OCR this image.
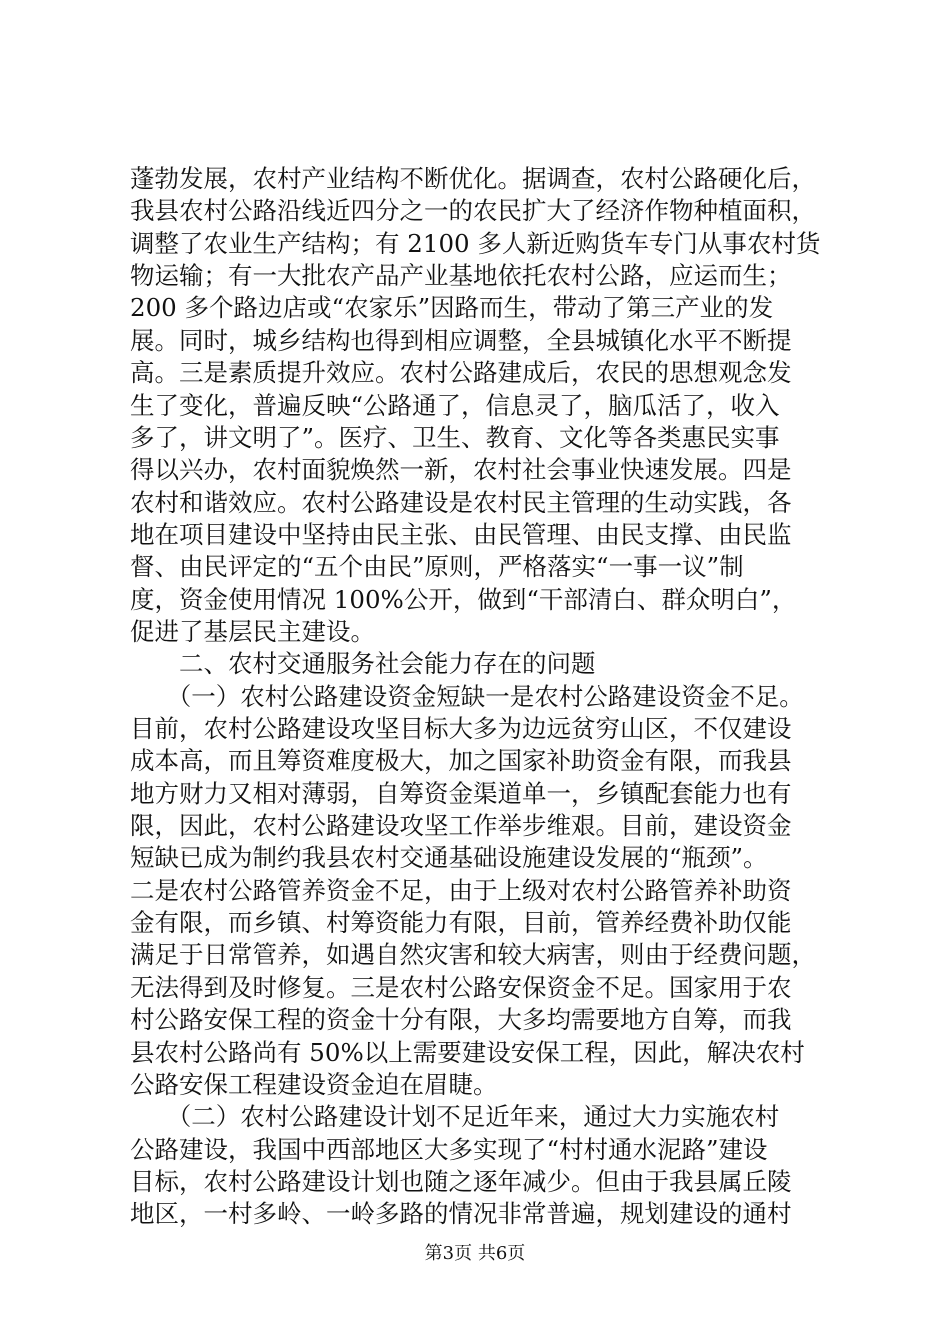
蓬勃发展，农村产业结构不断优化。据调查，农村公路硬化后，
我县农村公路沿线近四分之一的农民扩大了经济作物种植面积，
调整了农业生产结构；有 2100 多人新近购货车专门从事农村货
物运输；有一大批农产品产业基地依托农村公路，应运而生；
200 多个路边店或“农家乐”因路而生，带动了第三产业的发
展。同时，城乡结构也得到相应调整，全县城镇化水平不断提
高。三是素质提升效应。农村公路建成后，农民的思想观念发
生了变化，普遍反映“公路通了，信息灵了，脑瓜活了，收入
多了，讲文明了”。医疗、卫生、教育、文化等各类惠民实事
得以兴办，农村面貌焕然一新，农村社会事业快速发展。四是
农村和谐效应。农村公路建设是农村民主管理的生动实践，各
地在项目建设中坚持由民主张、由民管理、由民支撑、由民监
督、由民评定的“五个由民”原则，严格落实“一事一议”制
度，资金使用情况 100%公开，做到“干部清白、群众明白”，
促进了基层民主建设。
　　二、农村交通服务社会能力存在的问题
　　（一）农村公路建设资金短缺一是农村公路建设资金不足。
目前，农村公路建设攻坚目标大多为边远贫穷山区，不仅建设
成本高，而且筹资难度极大，加之国家补助资金有限，而我县
地方财力又相对薄弱，自筹资金渠道单一，乡镇配套能力也有
限，因此，农村公路建设攻坚工作举步维艰。目前，建设资金
短缺已成为制约我县农村交通基础设施建设发展的“瓶颈”。
二是农村公路管养资金不足，由于上级对农村公路管养补助资
金有限，而乡镇、村筹资能力有限，目前，管养经费补助仅能
满足于日常管养，如遇自然灾害和较大病害，则由于经费问题，
无法得到及时修复。三是农村公路安保资金不足。国家用于农
村公路安保工程的资金十分有限，大多均需要地方自筹，而我
县农村公路尚有 50%以上需要建设安保工程，因此，解决农村
公路安保工程建设资金迫在眉睫。
　　（二）农村公路建设计划不足近年来，通过大力实施农村
公路建设，我国中西部地区大多实现了“村村通水泥路”建设
目标，农村公路建设计划也随之逐年减少。但由于我县属丘陵
地区，一村多岭、一岭多路的情况非常普遍，规划建设的通村
第3页 共6页
